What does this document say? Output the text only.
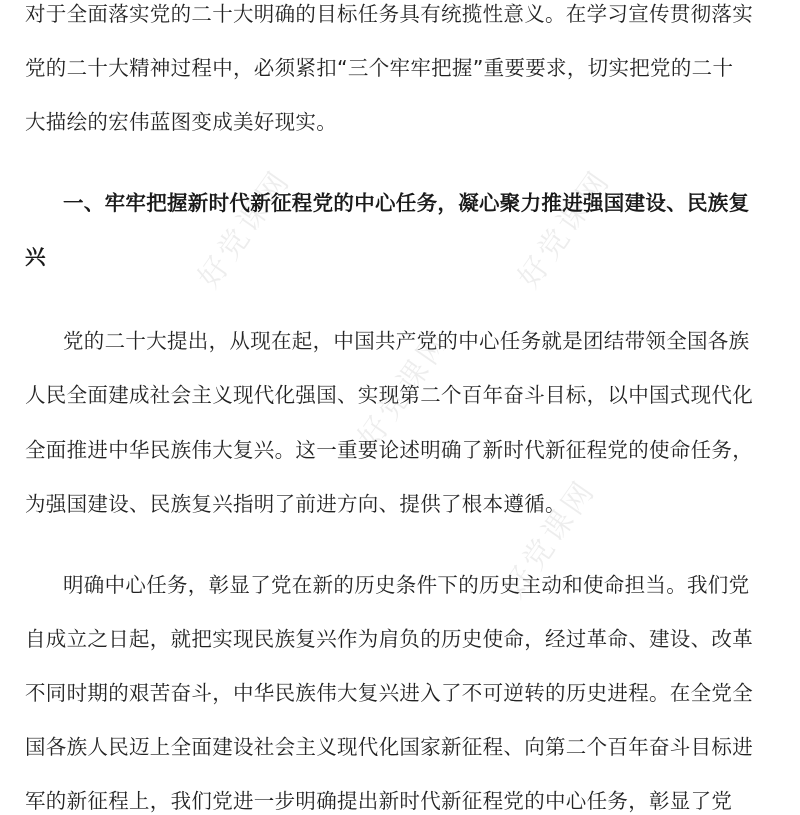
对于全面落实党的二十大明确的目标任务具有统揽性意义。在学习宣传贯彻落实
党的二十大精神过程中，必须紧扣“三个牢牢把握”重要要求，切实把党的二十
大描绘的宏伟蓝图变成美好现实。
一、牢牢把握新时代新征程党的中心任务，凝心聚力推进强国建设、民族复
兴
党的二十大提出，从现在起，中国共产党的中心任务就是团结带领全国各族
人民全面建成社会主义现代化强国、实现第二个百年奋斗目标，以中国式现代化
全面推进中华民族伟大复兴。这一重要论述明确了新时代新征程党的使命任务，
为强国建设、民族复兴指明了前进方向、提供了根本遵循。
明确中心任务，彰显了党在新的历史条件下的历史主动和使命担当。我们党
自成立之日起，就把实现民族复兴作为肩负的历史使命，经过革命、建设、改革
不同时期的艰苦奋斗，中华民族伟大复兴进入了不可逆转的历史进程。在全党全
国各族人民迈上全面建设社会主义现代化国家新征程、向第二个百年奋斗目标进
军的新征程上，我们党进一步明确提出新时代新征程党的中心任务，彰显了党
好党课网
好党课网
好党课网
好党课网
